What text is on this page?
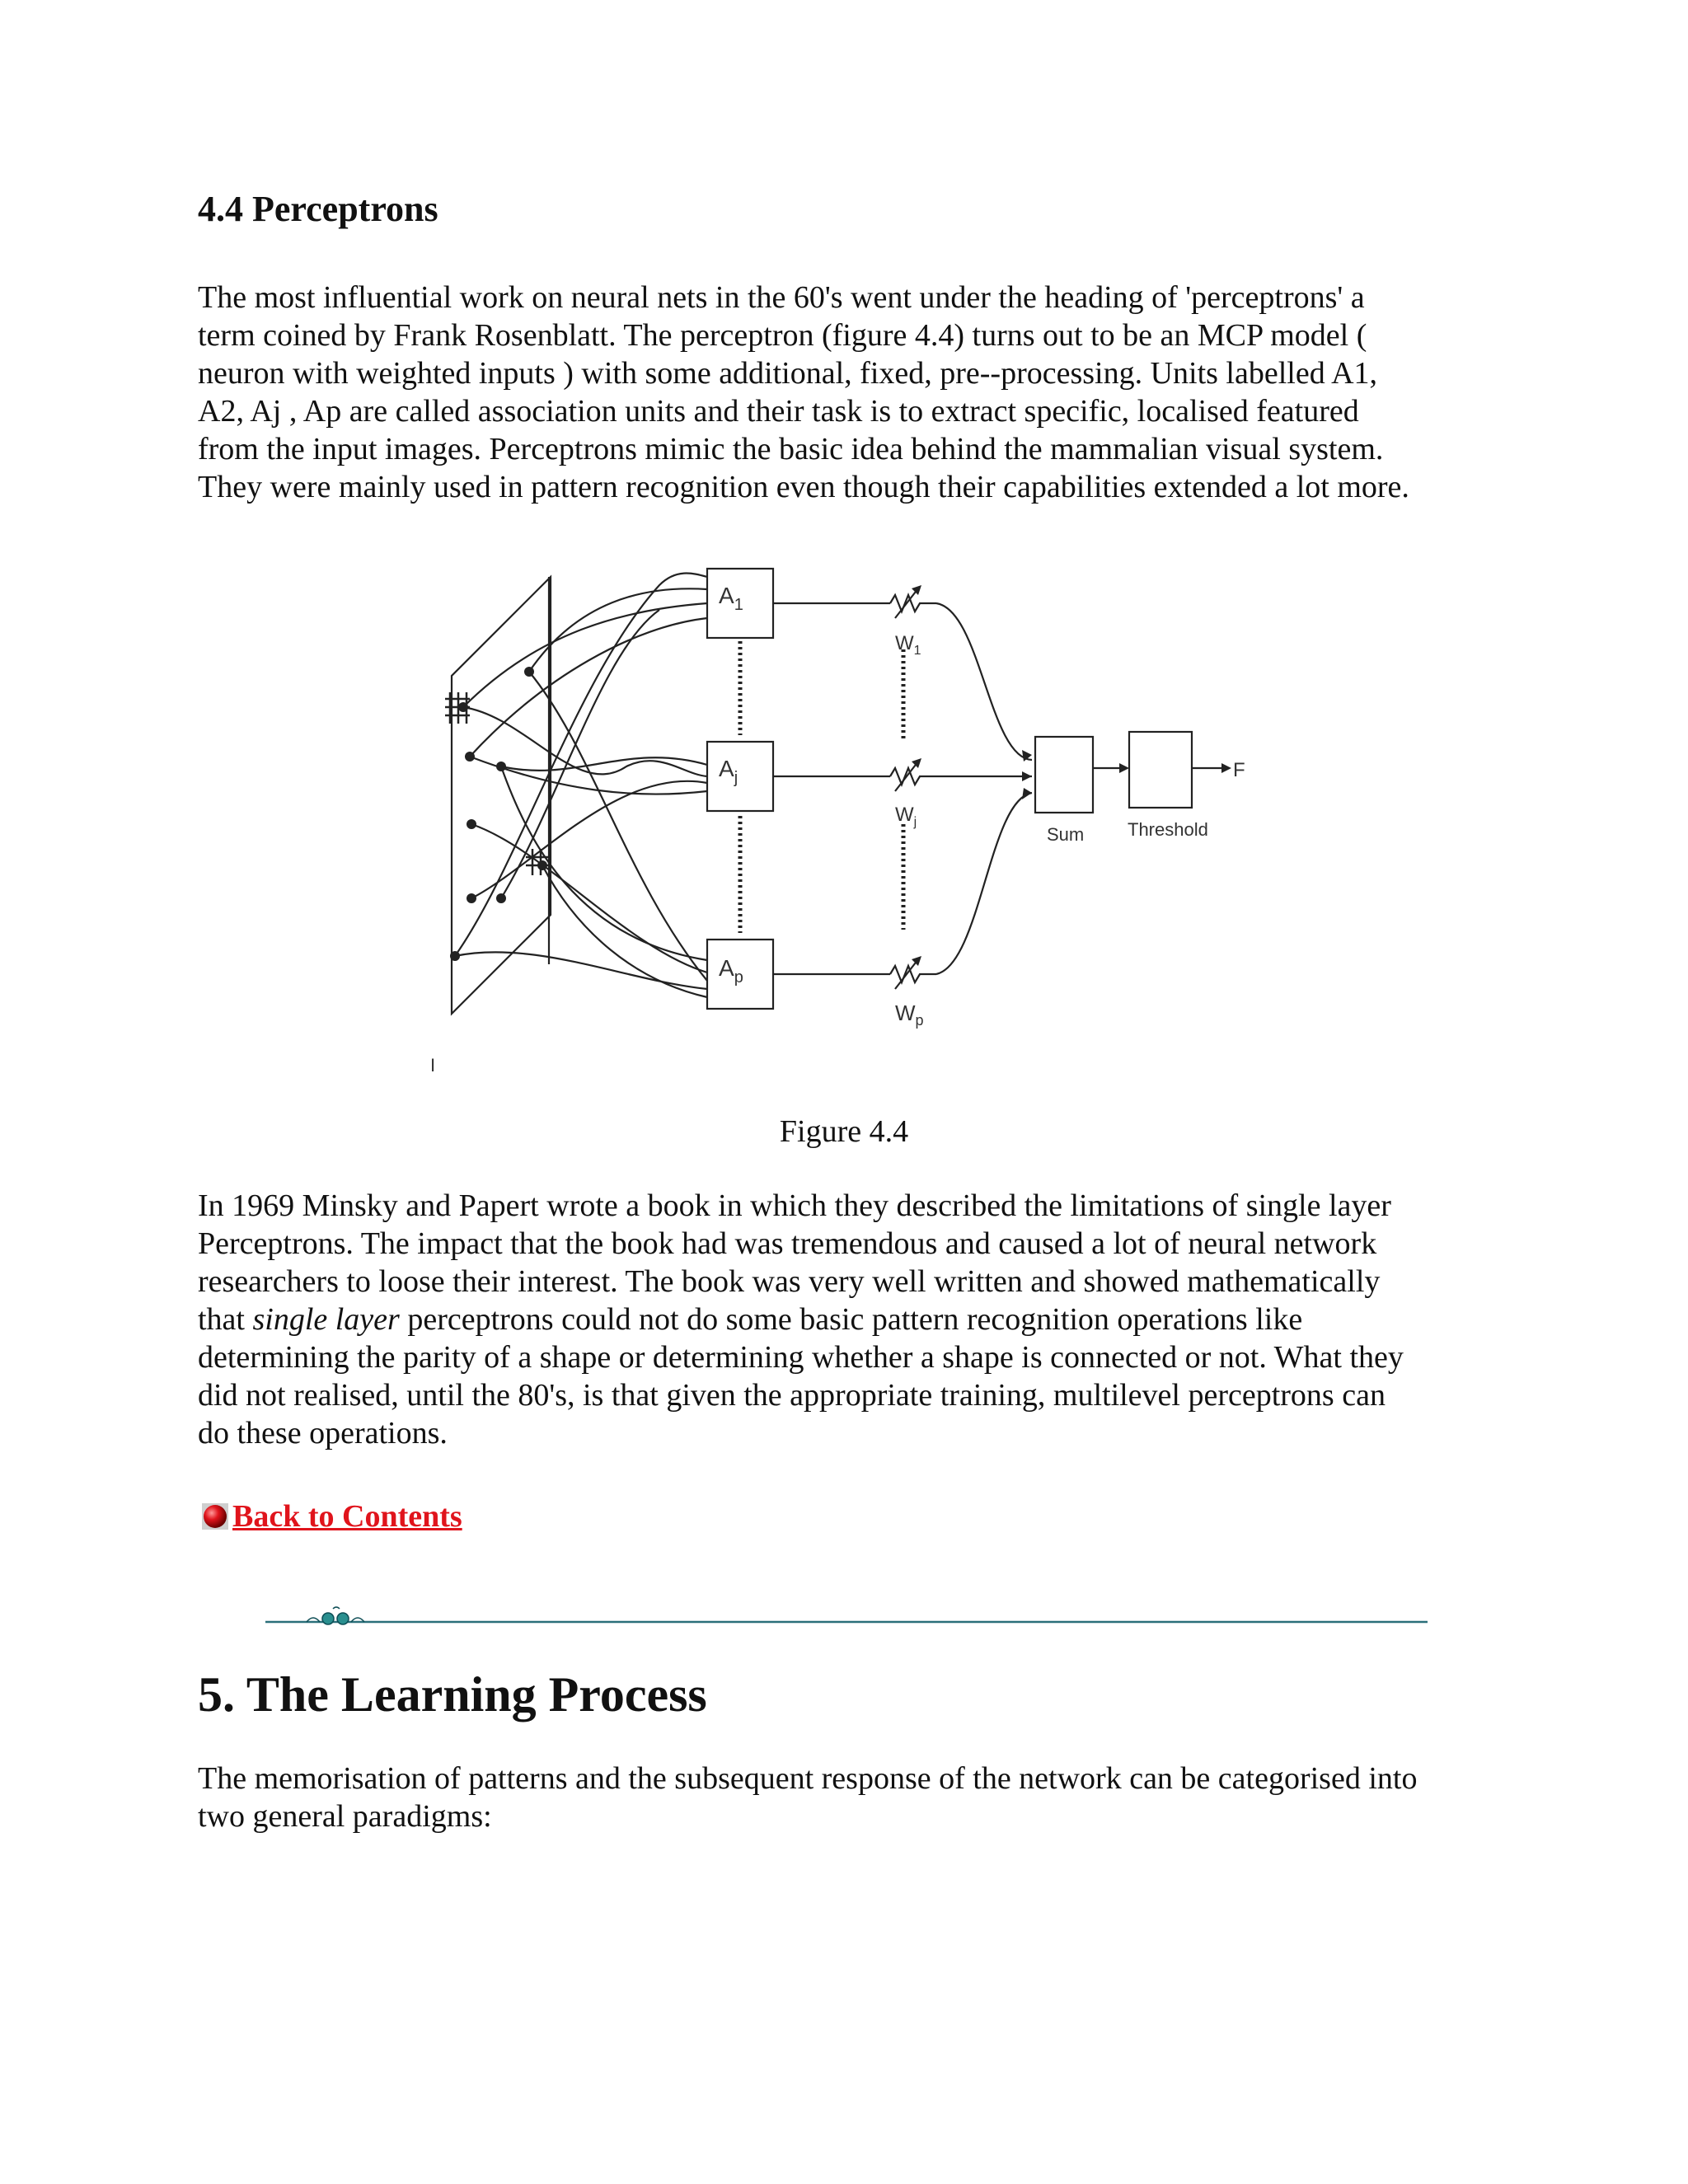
4.4 Perceptrons

The most influential work on neural nets in the 60's went under the heading of 'perceptrons' a
term coined by Frank Rosenblatt. The perceptron (figure 4.4) turns out to be an MCP model (
neuron with weighted inputs ) with some additional, fixed, pre--processing. Units labelled A1,
A2, Aj , Ap are called association units and their task is to extract specific, localised featured
from the input images. Perceptrons mimic the basic idea behind the mammalian visual system.
They were mainly used in pattern recognition even though their capabilities extended a lot more.

$A_1$
$A_j$
$A_p$
$W_1$
$W_j$
$W_p$
Sum Threshold
F
I
Figure 4.4

In 1969 Minsky and Papert wrote a book in which they described the limitations of single layer
Perceptrons. The impact that the book had was tremendous and caused a lot of neural network
researchers to loose their interest. The book was very well written and showed mathematically
that single layer perceptrons could not do some basic pattern recognition operations like
determining the parity of a shape or determining whether a shape is connected or not. What they
did not realised, until the 80's, is that given the appropriate training, multilevel perceptrons can
do these operations.

Back to Contents
5. The Learning Process

The memorisation of patterns and the subsequent response of the network can be categorised into
two general paradigms:
